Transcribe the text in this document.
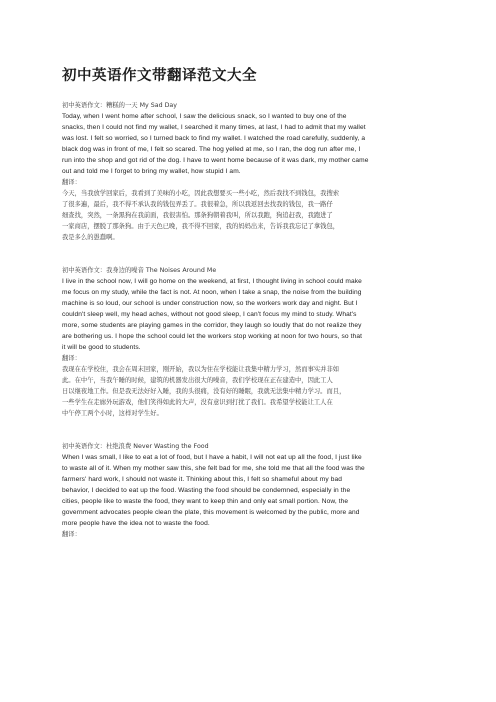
初中英语作文带翻译范文大全
初中英语作文：糟糕的一天 My Sad Day
Today, when I went home after school, I saw the delicious snack, so I wanted to buy one of the
snacks, then I could not find my wallet, I searched it many times, at last, I had to admit that my wallet
was lost. I felt so worried, so I turned back to find my wallet. I watched the road carefully, suddenly, a
black dog was in front of me, I felt so scared. The hog yelled at me, so I ran, the dog run after me, I
run into the shop and got rid of the dog. I have to went home because of it was dark, my mother came
out and told me I forget to bring my wallet, how stupid I am.
翻译：
今天，当我放学回家后，我看到了美味的小吃，因此我想要买一些小吃，然后我找不到钱包，我搜索
了很多遍，最后，我不得不承认我的钱包弄丢了。我很着急，所以我返回去找我的钱包，我一路仔
细查找，突然，一条黑狗在我前面，我很害怕。那条狗朝着我叫，所以我跑，狗追赶我，我跑进了
一家商店，摆脱了那条狗。由于天色已晚，我不得不回家，我的妈妈出来，告诉我我忘记了拿钱包，
我是多么的愚蠢啊。
初中英语作文：我身边的噪音 The Noises Around Me
I live in the school now, I will go home on the weekend, at first, I thought living in school could make
me focus on my study, while the fact is not. At noon, when I take a snap, the noise from the building
machine is so loud, our school is under construction now, so the workers work day and night. But I
couldn't sleep well, my head aches, without not good sleep, I can't focus my mind to study. What's
more, some students are playing games in the corridor, they laugh so loudly that do not realize they
are bothering us. I hope the school could let the workers stop working at noon for two hours, so that
it will be good to students.
翻译：
我现在在学校住，我会在周末回家，刚开始，我以为住在学校能让我集中精力学习，然而事实并非如
此。在中午，当我午睡的时候，建筑的机器发出很大的噪音，我们学校现在正在建造中，因此工人
日以继夜地工作。但是我无法好好入睡，我的头很痛，没有好的睡眠，我就无法集中精力学习。而且，
一些学生在走廊外玩游戏，他们笑得如此的大声，没有意识到打扰了我们。我希望学校能让工人在
中午停工两个小时，这样对学生好。
初中英语作文：杜绝浪费 Never Wasting the Food
When I was small, I like to eat a lot of food, but I have a habit, I will not eat up all the food, I just like
to waste all of it. When my mother saw this, she felt bad for me, she told me that all the food was the
farmers' hard work, I should not waste it. Thinking about this, I felt so shameful about my bad
behavior, I decided to eat up the food. Wasting the food should be condemned, especially in the
cities, people like to waste the food, they want to keep thin and only eat small portion. Now, the
government advocates people clean the plate, this movement is welcomed by the public, more and
more people have the idea not to waste the food.
翻译：
